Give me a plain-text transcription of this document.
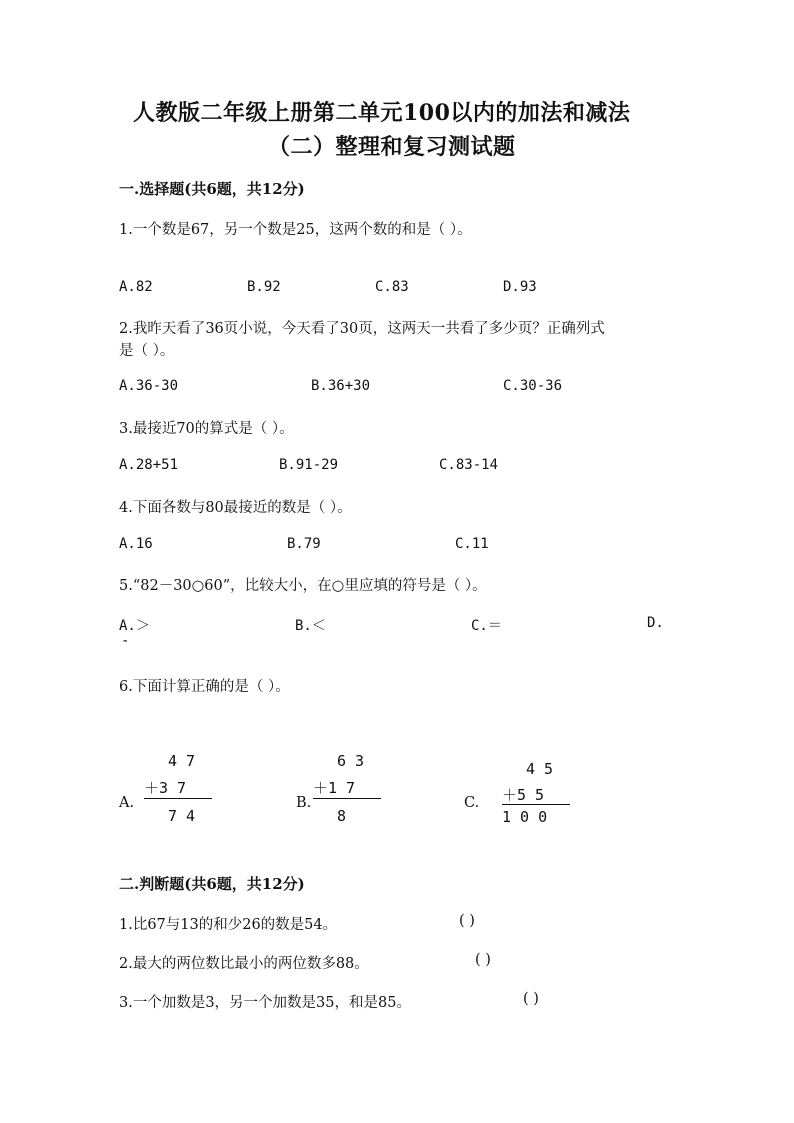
人教版二年级上册第二单元100以内的加法和减法
（二）整理和复习测试题
一.选择题(共6题，共12分)
1.一个数是67，另一个数是25，这两个数的和是（ ）。
A.82	B.92	C.83	D.93
2.我昨天看了36页小说，今天看了30页，这两天一共看了多少页？正确列式
是（ ）。
A.36-30	B.36+30	C.30-36
3.最接近70的算式是（ ）。
A.28+51	B.91-29	C.83-14
4.下面各数与80最接近的数是（ ）。
A.16	B.79	C.11
5.“82－30○60”，比较大小，在○里应填的符号是（ ）。
A.＞	B.＜	C.＝	D.
-
6.下面计算正确的是（ ）。
A.
4 7
＋3 7
7 4
B.
6 3
＋1 7
8
C.
4 5
＋5 5
1 0 0
二.判断题(共6题，共12分)
1.比67与13的和少26的数是54。	( )
2.最大的两位数比最小的两位数多88。	( )
3.一个加数是3，另一个加数是35，和是85。	( )
